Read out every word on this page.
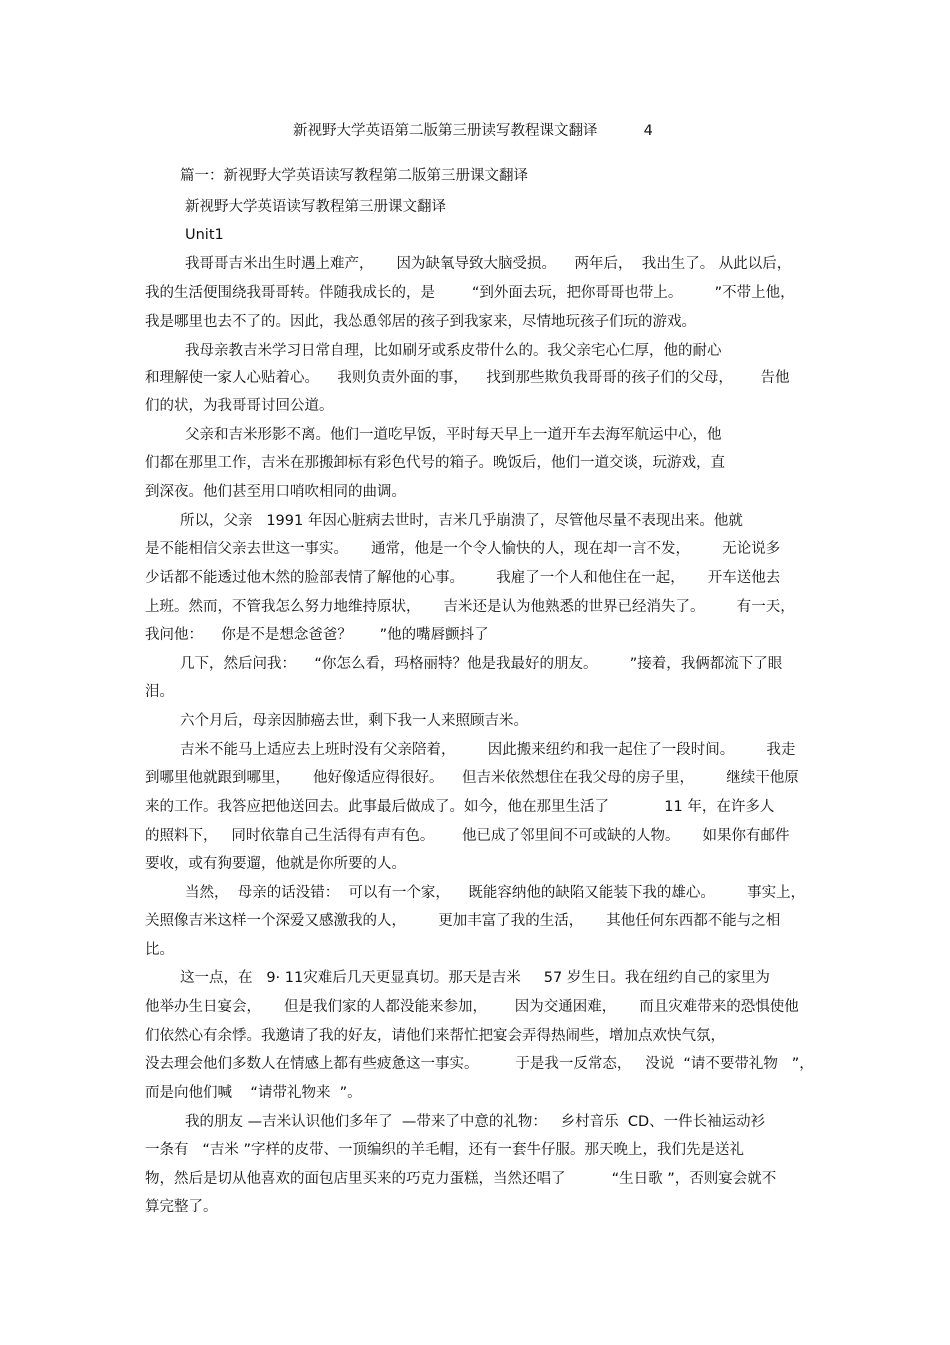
新视野大学英语第二版第三册读写教程课文翻译          4
篇一：新视野大学英语读写教程第二版第三册课文翻译
新视野大学英语读写教程第三册课文翻译
Unit1
我哥哥吉米出生时遇上难产，     因为缺氧导致大脑受损。    两年后，  我出生了。 从此以后，
我的生活便围绕我哥哥转。伴随我成长的，是        “到外面去玩，把你哥哥也带上。       ”不带上他，
我是哪里也去不了的。因此，我怂恿邻居的孩子到我家来，尽情地玩孩子们玩的游戏。
我母亲教吉米学习日常自理，比如刷牙或系皮带什么的。我父亲宅心仁厚，他的耐心
和理解使一家人心贴着心。    我则负责外面的事，    找到那些欺负我哥哥的孩子们的父母，      告他
们的状，为我哥哥讨回公道。
父亲和吉米形影不离。他们一道吃早饭，平时每天早上一道开车去海军航运中心，他
们都在那里工作，吉米在那搬卸标有彩色代号的箱子。晚饭后，他们一道交谈，玩游戏，直
到深夜。他们甚至用口哨吹相同的曲调。
所以，父亲   1991 年因心脏病去世时，吉米几乎崩溃了，尽管他尽量不表现出来。他就
是不能相信父亲去世这一事实。     通常，他是一个令人愉快的人，现在却一言不发，       无论说多
少话都不能透过他木然的脸部表情了解他的心事。       我雇了一个人和他住在一起，     开车送他去
上班。然而，不管我怎么努力地维持原状，     吉米还是认为他熟悉的世界已经消失了。       有一天，
我问他：    你是不是想念爸爸？      ”他的嘴唇颤抖了
几下，然后问我：    “你怎么看，玛格丽特？他是我最好的朋友。       ”接着，我俩都流下了眼
泪。
六个月后，母亲因肺癌去世，剩下我一人来照顾吉米。
吉米不能马上适应去上班时没有父亲陪着，       因此搬来纽约和我一起住了一段时间。       我走
到哪里他就跟到哪里，     他好像适应得很好。    但吉米依然想住在我父母的房子里，       继续干他原
来的工作。我答应把他送回去。此事最后做成了。如今，他在那里生活了            11 年，在许多人
的照料下，   同时依靠自己生活得有声有色。      他已成了邻里间不可或缺的人物。     如果你有邮件
要收，或有狗要遛，他就是你所要的人。
当然，  母亲的话没错：  可以有一个家，    既能容纳他的缺陷又能装下我的雄心。       事实上，
关照像吉米这样一个深爱又感激我的人，       更加丰富了我的生活，     其他任何东西都不能与之相
比。
这一点，在   9· 11灾难后几天更显真切。那天是吉米     57 岁生日。我在纽约自己的家里为
他举办生日宴会，     但是我们家的人都没能来参加，      因为交通困难，     而且灾难带来的恐惧使他
们依然心有余悸。我邀请了我的好友，请他们来帮忙把宴会弄得热闹些，增加点欢快气氛，
没去理会他们多数人在情感上都有些疲惫这一事实。        于是我一反常态，   没说  “请不要带礼物   ”，
而是向他们喊    “请带礼物来  ”。
我的朋友 —吉米认识他们多年了  —带来了中意的礼物：   乡村音乐  CD、一件长袖运动衫
一条有   “吉米 ”字样的皮带、一顶编织的羊毛帽，还有一套牛仔服。那天晚上，我们先是送礼
物，然后是切从他喜欢的面包店里买来的巧克力蛋糕，当然还唱了          “生日歌 ”，否则宴会就不
算完整了。
